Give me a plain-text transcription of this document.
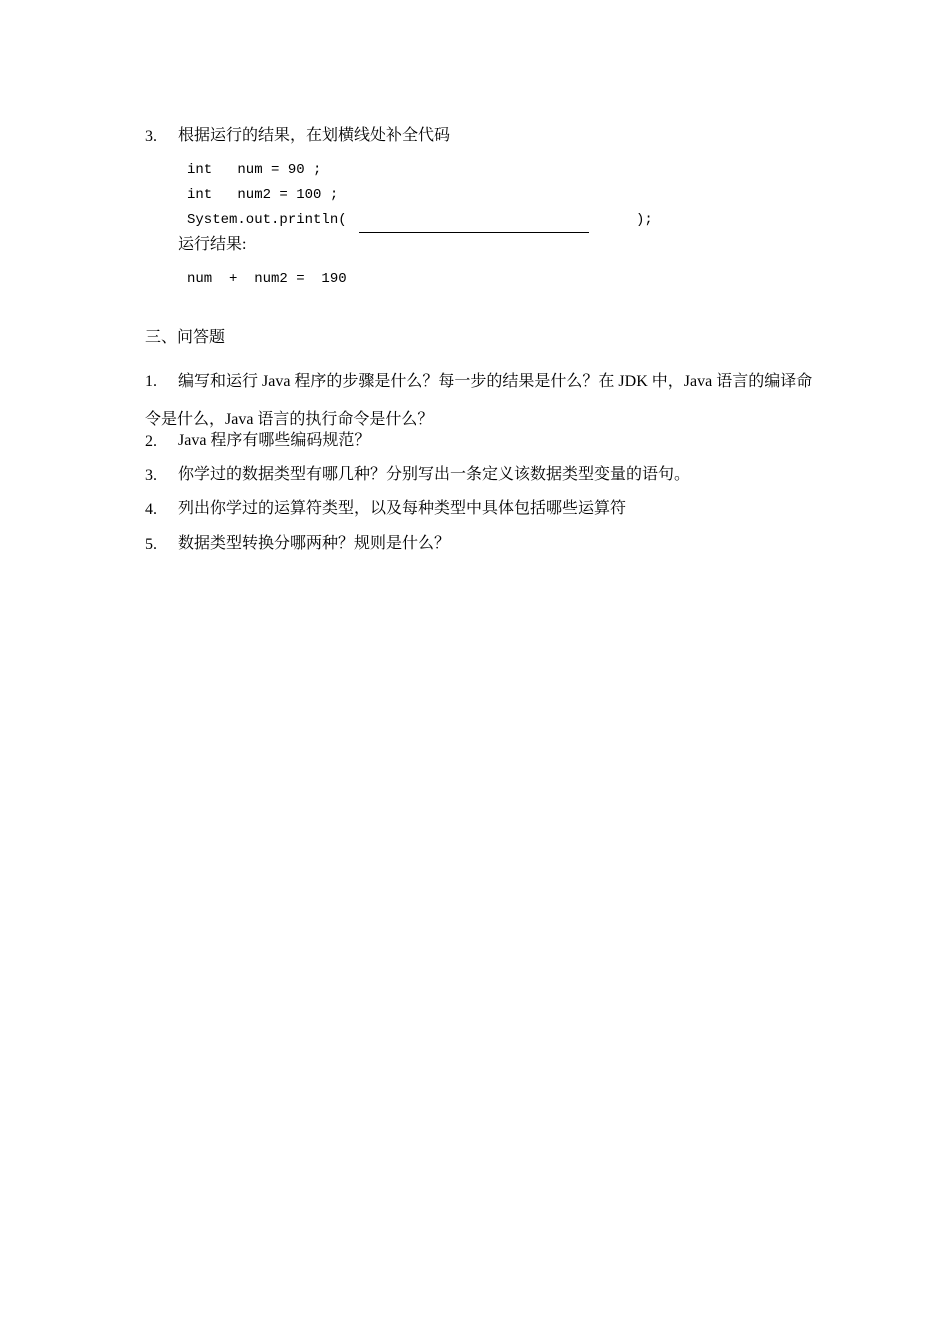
3. 根据运行的结果，在划横线处补全代码
int   num = 90 ;
int   num2 = 100 ;
System.out.println(	);
运行结果:
num  +  num2 =  190
三、问答题
1. 编写和运行 Java 程序的步骤是什么？每一步的结果是什么？在 JDK 中，Java 语言的编译命令是什么，Java 语言的执行命令是什么？
2. Java 程序有哪些编码规范？
3. 你学过的数据类型有哪几种？分别写出一条定义该数据类型变量的语句。
4. 列出你学过的运算符类型，以及每种类型中具体包括哪些运算符
5. 数据类型转换分哪两种？规则是什么？
